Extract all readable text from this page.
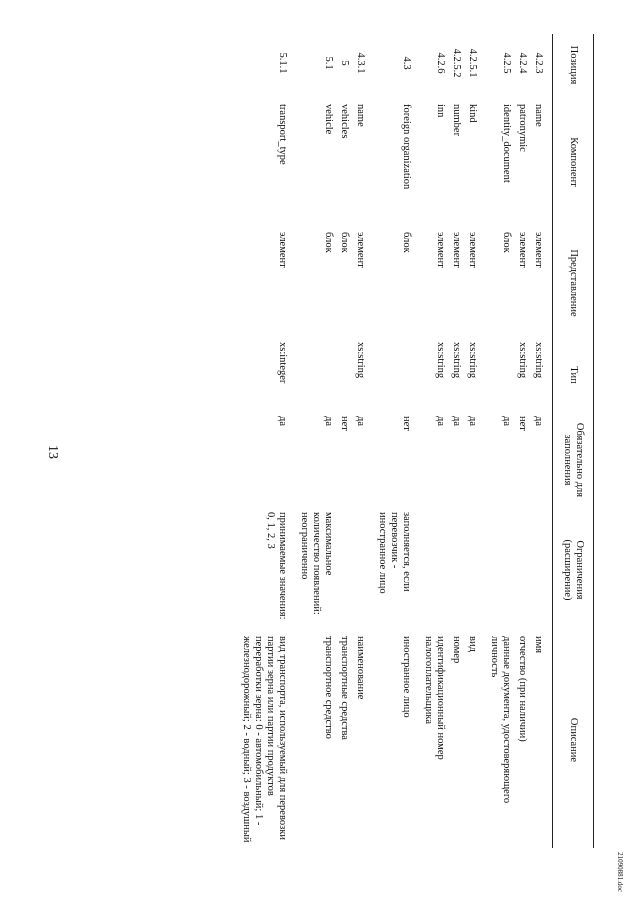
13
Позиция	Компонент	Представление	Тип	Обязательно для заполнения	Ограничения (расширение)	Описание
4.2.3	name	элемент	xs:string	да		имя
4.2.4	patronymic	элемент	xs:string	нет		отчество (при наличии)
4.2.5	identity_document	блок		да		данные документа, удостоверяющего личность
4.2.5.1	kind	элемент	xs:string	да		вид
4.2.5.2	number	элемент	xs:string	да		номер
4.2.6	inn	элемент	xs:string	да		идентификационный номер налогоплательщика
4.3	foreign organization	блок		нет	заполняется, если перевозчик - иностранное лицо	иностранное лицо
4.3.1	name	элемент	xs:string	да		наименование
5	vehicles	блок		нет		транспортные средства
5.1	vehicle	блок		да	максимальное количество появлений: неограниченно	транспортное средство
5.1.1	transport_type	элемент	xs:integer	да	принимаемые значения: 0, 1, 2, 3	вид транспорта, используемый для перевозки партии зерна или партии продуктов переработки зерна: 0 - автомобильный; 1 - железнодорожный; 2 - водный; 3 - воздушный
21090881.doc
